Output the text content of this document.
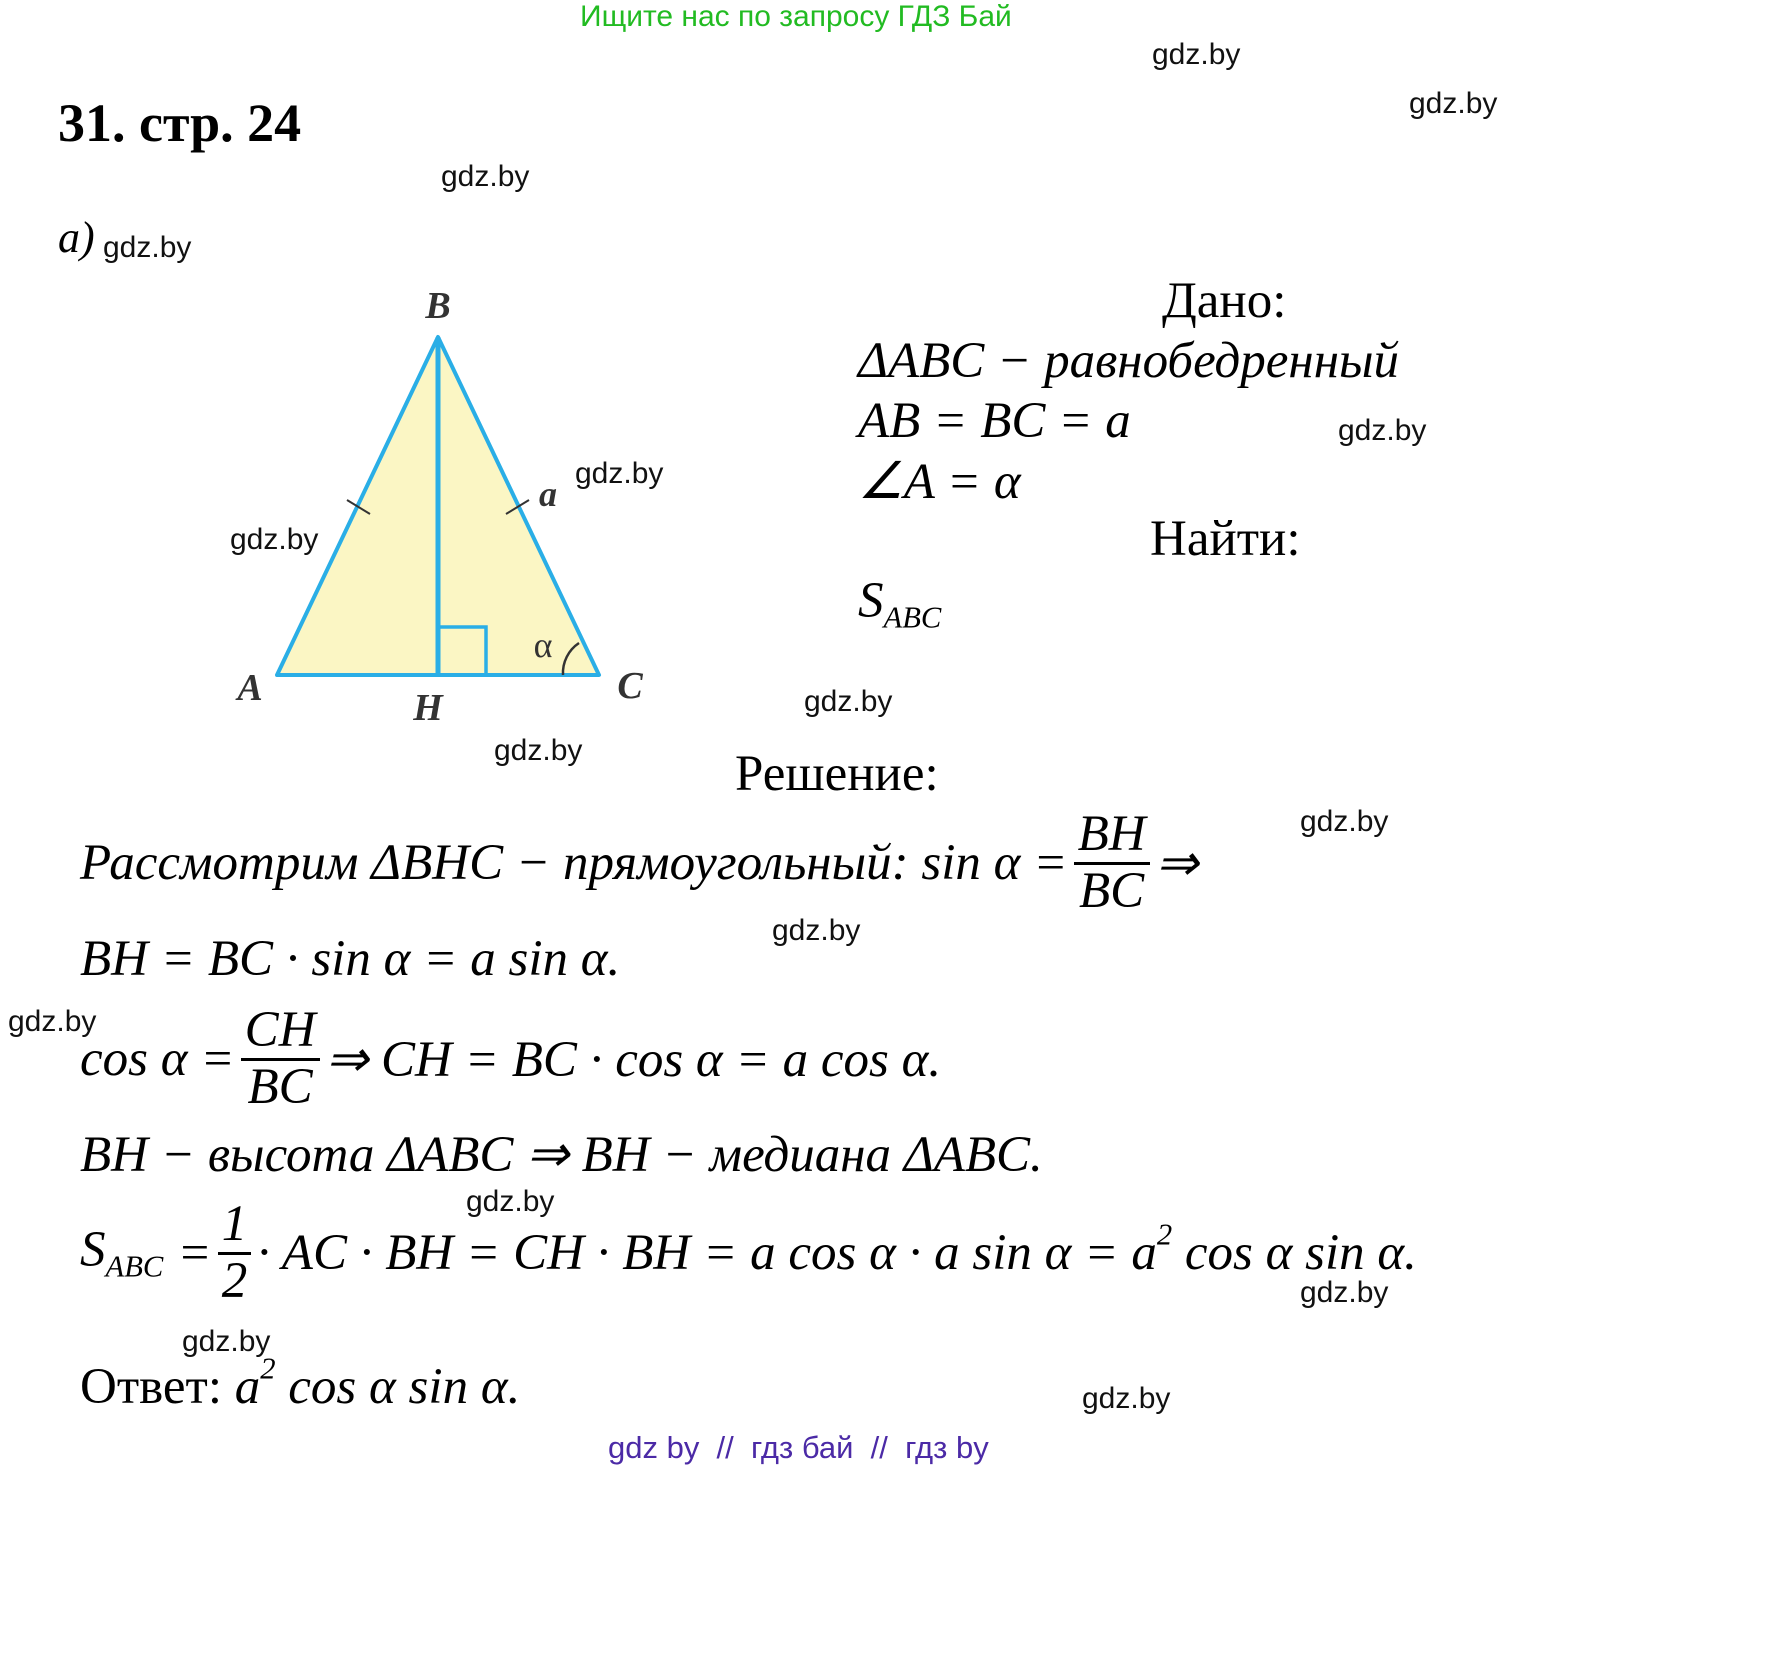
Ищите нас по запросу ГДЗ Бай
gdz.by
gdz.by
gdz.by
gdz.by
gdz.by
gdz.by
gdz.by
gdz.by
gdz.by
gdz.by
gdz.by
gdz.by
gdz.by
gdz.by
gdz.by
gdz.by
31. стр. 24
a)
B
A	C
H
a
α
Дано:
ΔABC − равнобедренный
AB = BC = a
∠A = α
Найти:
$S_{ABC}$
Решение:
Рассмотрим ΔBHC − прямоугольный: $\sin \alpha = \frac{BH}{BC}$ ⇒
BH = BC · sin α = a sin α.
$\cos \alpha = \frac{CH}{BC}$ ⇒ CH = BC · cos α = a cos α.
BH − высота ΔABC ⇒ BH − медиана ΔABC.
$S_{ABC} = \frac{1}{2}$ · AC · BH = CH · BH = a cos α · a $\sin \alpha = a^2$ cos α sin α.
Ответ: $a^2$ cos α sin α.
gdz by  //  гдз бай  //  гдз by
